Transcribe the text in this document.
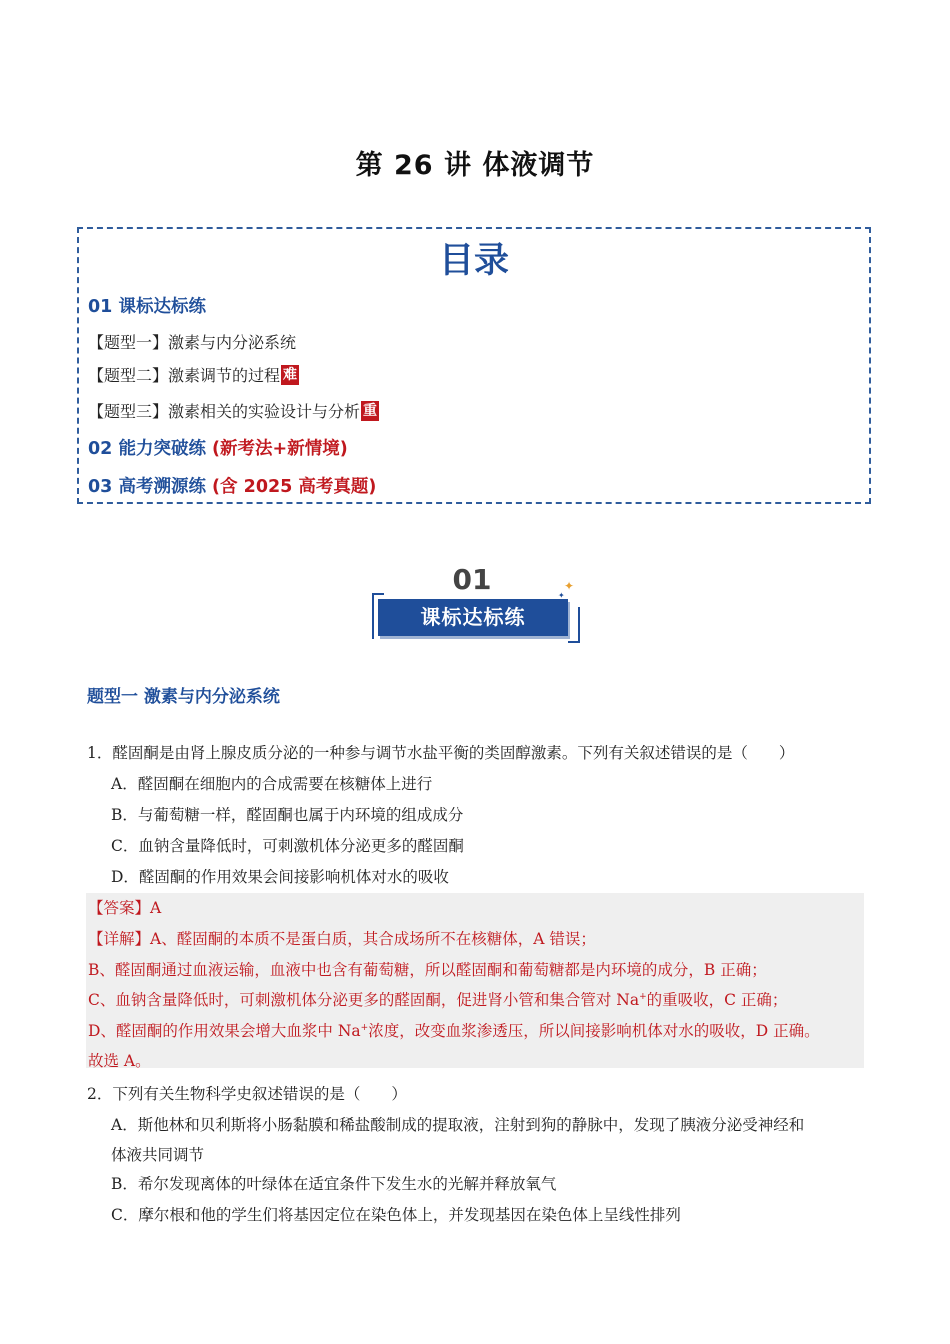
第 26 讲 体液调节
目录
01 课标达标练
【题型一】激素与内分泌系统
【题型二】激素调节的过程 难
【题型三】激素相关的实验设计与分析 重
02 能力突破练 (新考法+新情境)
03 高考溯源练 (含 2025 高考真题)
01
课标达标练
✦
✦
题型一 激素与内分泌系统
1．醛固酮是由肾上腺皮质分泌的一种参与调节水盐平衡的类固醇激素。下列有关叙述错误的是（　　）
A．醛固酮在细胞内的合成需要在核糖体上进行
B．与葡萄糖一样，醛固酮也属于内环境的组成成分
C．血钠含量降低时，可刺激机体分泌更多的醛固酮
D．醛固酮的作用效果会间接影响机体对水的吸收
【答案】A
【详解】A、醛固酮的本质不是蛋白质，其合成场所不在核糖体，A 错误；
B、醛固酮通过血液运输，血液中也含有葡萄糖，所以醛固酮和葡萄糖都是内环境的成分，B 正确；
C、血钠含量降低时，可刺激机体分泌更多的醛固酮，促进肾小管和集合管对 Na+的重吸收，C 正确；
D、醛固酮的作用效果会增大血浆中 Na+浓度，改变血浆渗透压，所以间接影响机体对水的吸收，D 正确。
故选 A。
2．下列有关生物科学史叙述错误的是（　　）
A．斯他林和贝利斯将小肠黏膜和稀盐酸制成的提取液，注射到狗的静脉中，发现了胰液分泌受神经和
体液共同调节
B．希尔发现离体的叶绿体在适宜条件下发生水的光解并释放氧气
C．摩尔根和他的学生们将基因定位在染色体上，并发现基因在染色体上呈线性排列
